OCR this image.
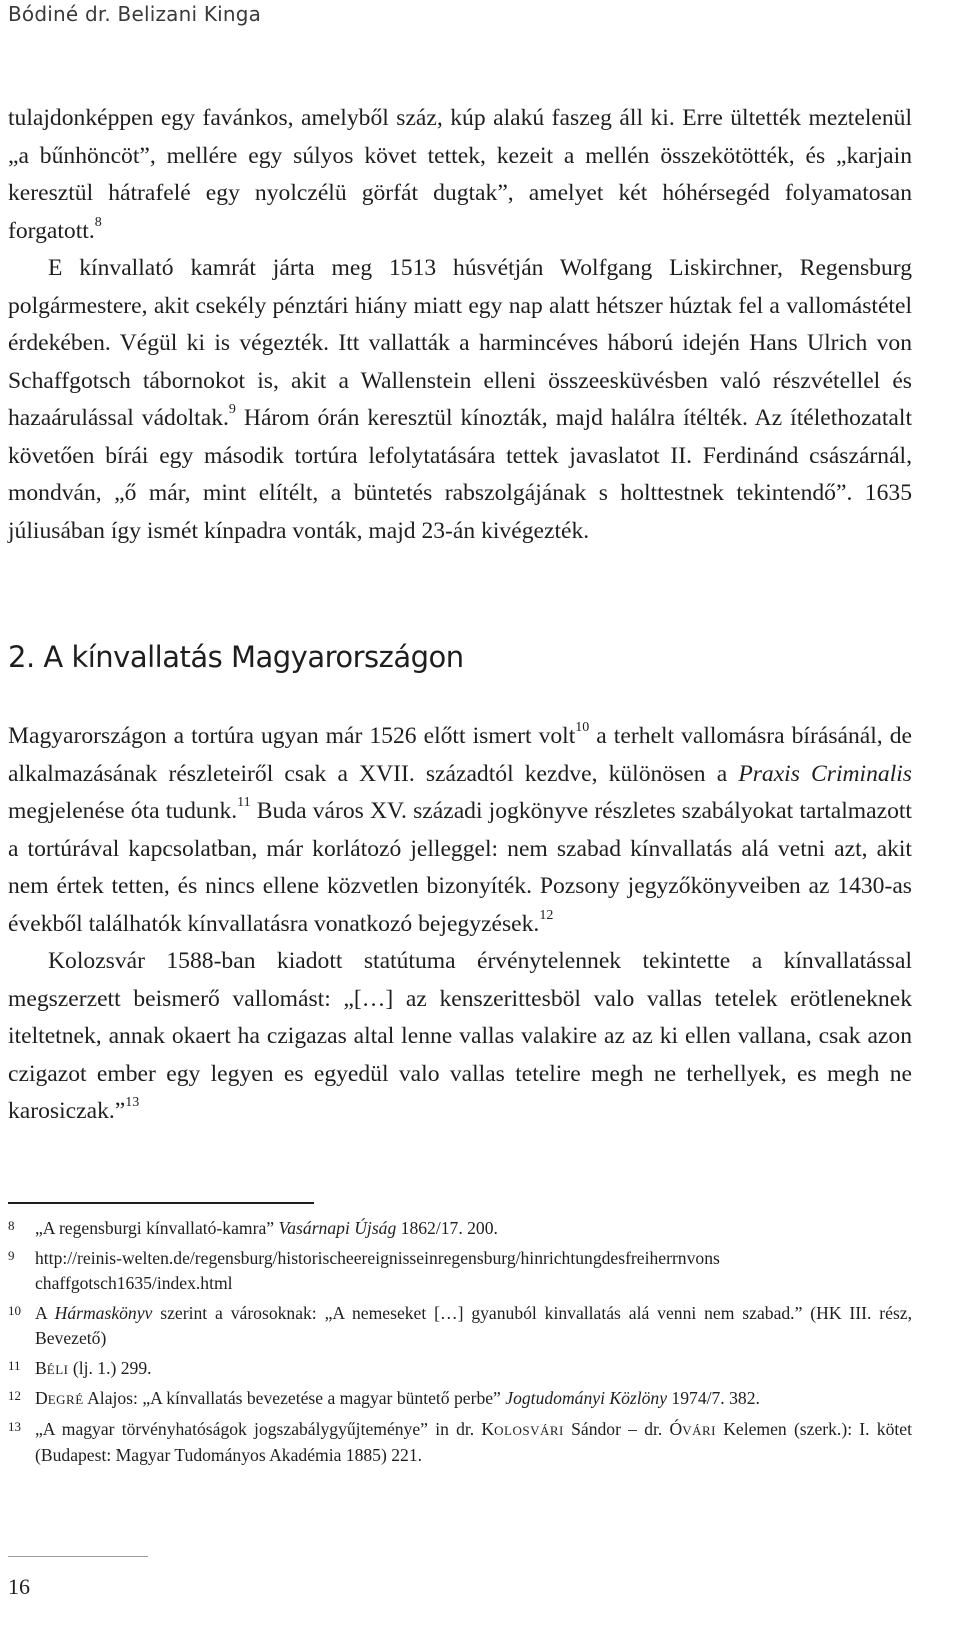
Bódiné dr. Belizani Kinga

tulajdonképpen egy favánkos, amelyből száz, kúp alakú faszeg áll ki. Erre ültették meztelenül „a bűnhöncöt”, mellére egy súlyos követ tettek, kezeit a mellén összekötötték, és „karjain keresztül hátrafelé egy nyolczélü görfát dugtak”, amelyet két hóhérsegéd folyamatosan forgatott.$^8$

E kínvallató kamrát járta meg 1513 húsvétján Wolfgang Liskirchner, Regensburg polgármestere, akit csekély pénztári hiány miatt egy nap alatt hétszer húztak fel a vallomástétel érdekében. Végül ki is végezték. Itt vallatták a harmincéves háború idején Hans Ulrich von Schaffgotsch tábornokot is, akit a Wallenstein elleni összeesküvésben való részvétellel és hazaárulással vádoltak.$^9$ Három órán keresztül kínozták, majd halálra ítélték. Az ítélethozatalt követően bírái egy második tortúra lefolytatására tettek javaslatot II. Ferdinánd császárnál, mondván, „ő már, mint elítélt, a büntetés rabszolgájának s holttestnek tekintendő”. 1635 júliusában így ismét kínpadra vonták, majd 23-án kivégezték.

2. A kínvallatás Magyarországon

Magyarországon a tortúra ugyan már 1526 előtt ismert volt$^{10}$ a terhelt vallomásra bírásánál, de alkalmazásának részleteiről csak a XVII. századtól kezdve, különösen a Praxis Criminalis megjelenése óta tudunk.$^{11}$ Buda város XV. századi jogkönyve részletes szabályokat tartalmazott a tortúrával kapcsolatban, már korlátozó jelleggel: nem szabad kínvallatás alá vetni azt, akit nem értek tetten, és nincs ellene közvetlen bizonyíték. Pozsony jegyzőkönyveiben az 1430-as évekből találhatók kínvallatásra vonatkozó bejegyzések.$^{12}$

Kolozsvár 1588-ban kiadott statútuma érvénytelennek tekintette a kínvallatással megszerzett beismerő vallomást: „[…] az kenszerittesböl valo vallas tetelek erötleneknek iteltetnek, annak okaert ha czigazas altal lenne vallas valakire az az ki ellen vallana, csak azon czigazot ember egy legyen es egyedül valo vallas tetelire megh ne terhellyek, es megh ne karosiczak.”$^{13}$

8	„A regensburgi kínvallató-kamra” Vasárnapi Újság 1862/17. 200.
9	http://reinis-welten.de/regensburg/historischeereignisseinregensburg/hinrichtungdesfreiherrnvons chaffgotsch1635/index.html
10 A Hármaskönyv szerint a városoknak: „A nemeseket […] gyanuból kinvallatás alá venni nem szabad.” (HK III. rész, Bevezető)
11 BÉLI (lj. 1.) 299.
12 DEGRÉ Alajos: „A kínvallatás bevezetése a magyar büntető perbe” Jogtudományi Közlöny 1974/7. 382.
13 „A magyar törvényhatóságok jogszabálygyűjteménye” in dr. KOLOSVÁRI Sándor – dr. ÓVÁRI Kelemen (szerk.): I. kötet (Budapest: Magyar Tudományos Akadémia 1885) 221.
16
